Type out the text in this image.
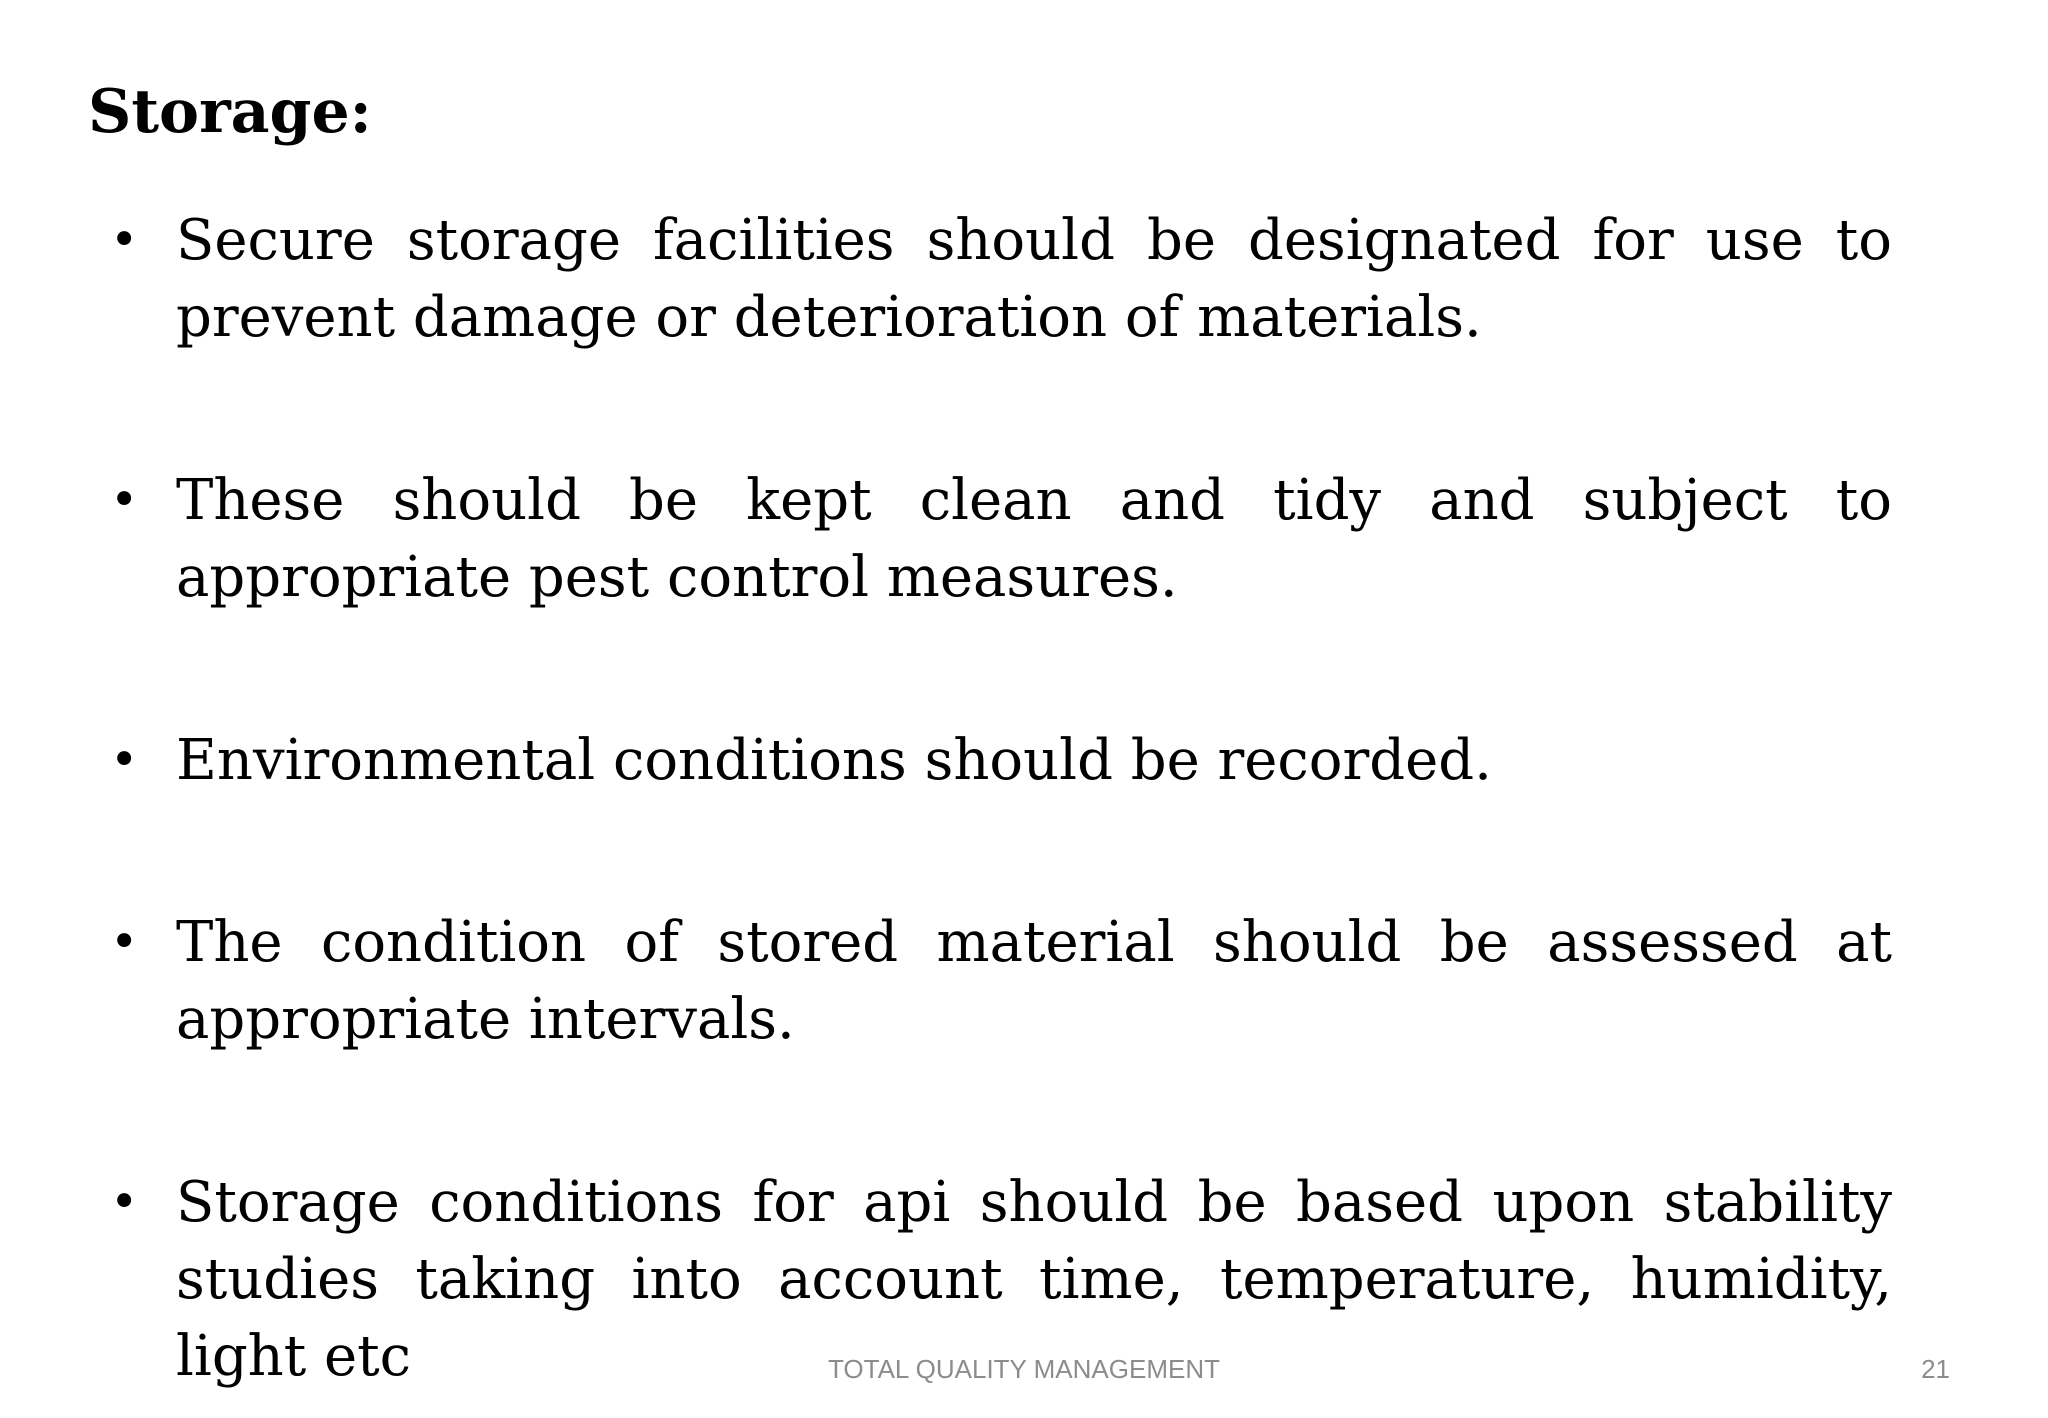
Storage:
• Secure storage facilities should be designated for use to prevent damage or deterioration of materials.
• These should be kept clean and tidy and subject to appropriate pest control measures.
• Environmental conditions should be recorded.
• The condition of stored material should be assessed at appropriate intervals.
• Storage conditions for api should be based upon stability studies taking into account time, temperature, humidity, light etc	TOTAL QUALITY MANAGEMENT	21
